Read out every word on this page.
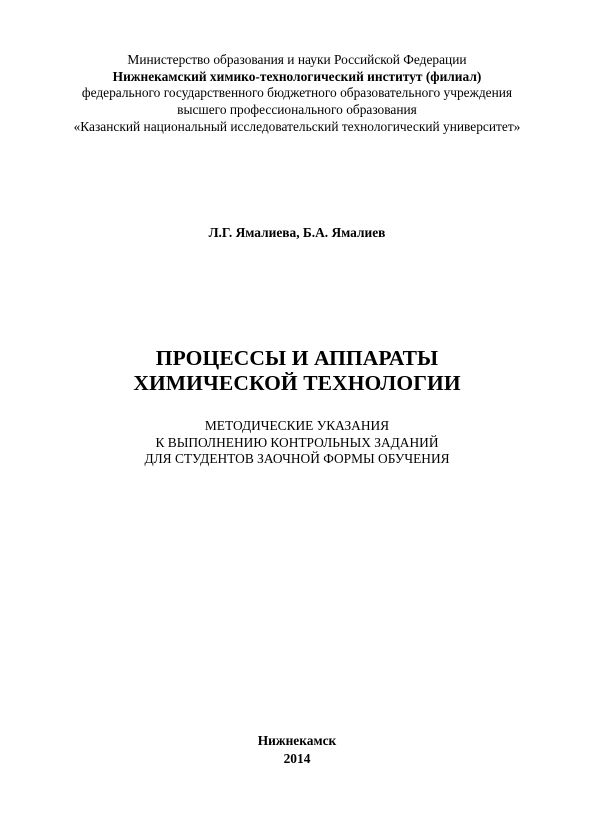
Министерство образования и науки Российской Федерации
Нижнекамский химико-технологический институт (филиал)
федерального государственного бюджетного образовательного учреждения
высшего профессионального образования
«Казанский национальный исследовательский технологический университет»
Л.Г. Ямалиева, Б.А. Ямалиев
ПРОЦЕССЫ И АППАРАТЫ
ХИМИЧЕСКОЙ ТЕХНОЛОГИИ
МЕТОДИЧЕСКИЕ УКАЗАНИЯ
К ВЫПОЛНЕНИЮ КОНТРОЛЬНЫХ ЗАДАНИЙ
ДЛЯ СТУДЕНТОВ ЗАОЧНОЙ ФОРМЫ ОБУЧЕНИЯ
Нижнекамск
2014
